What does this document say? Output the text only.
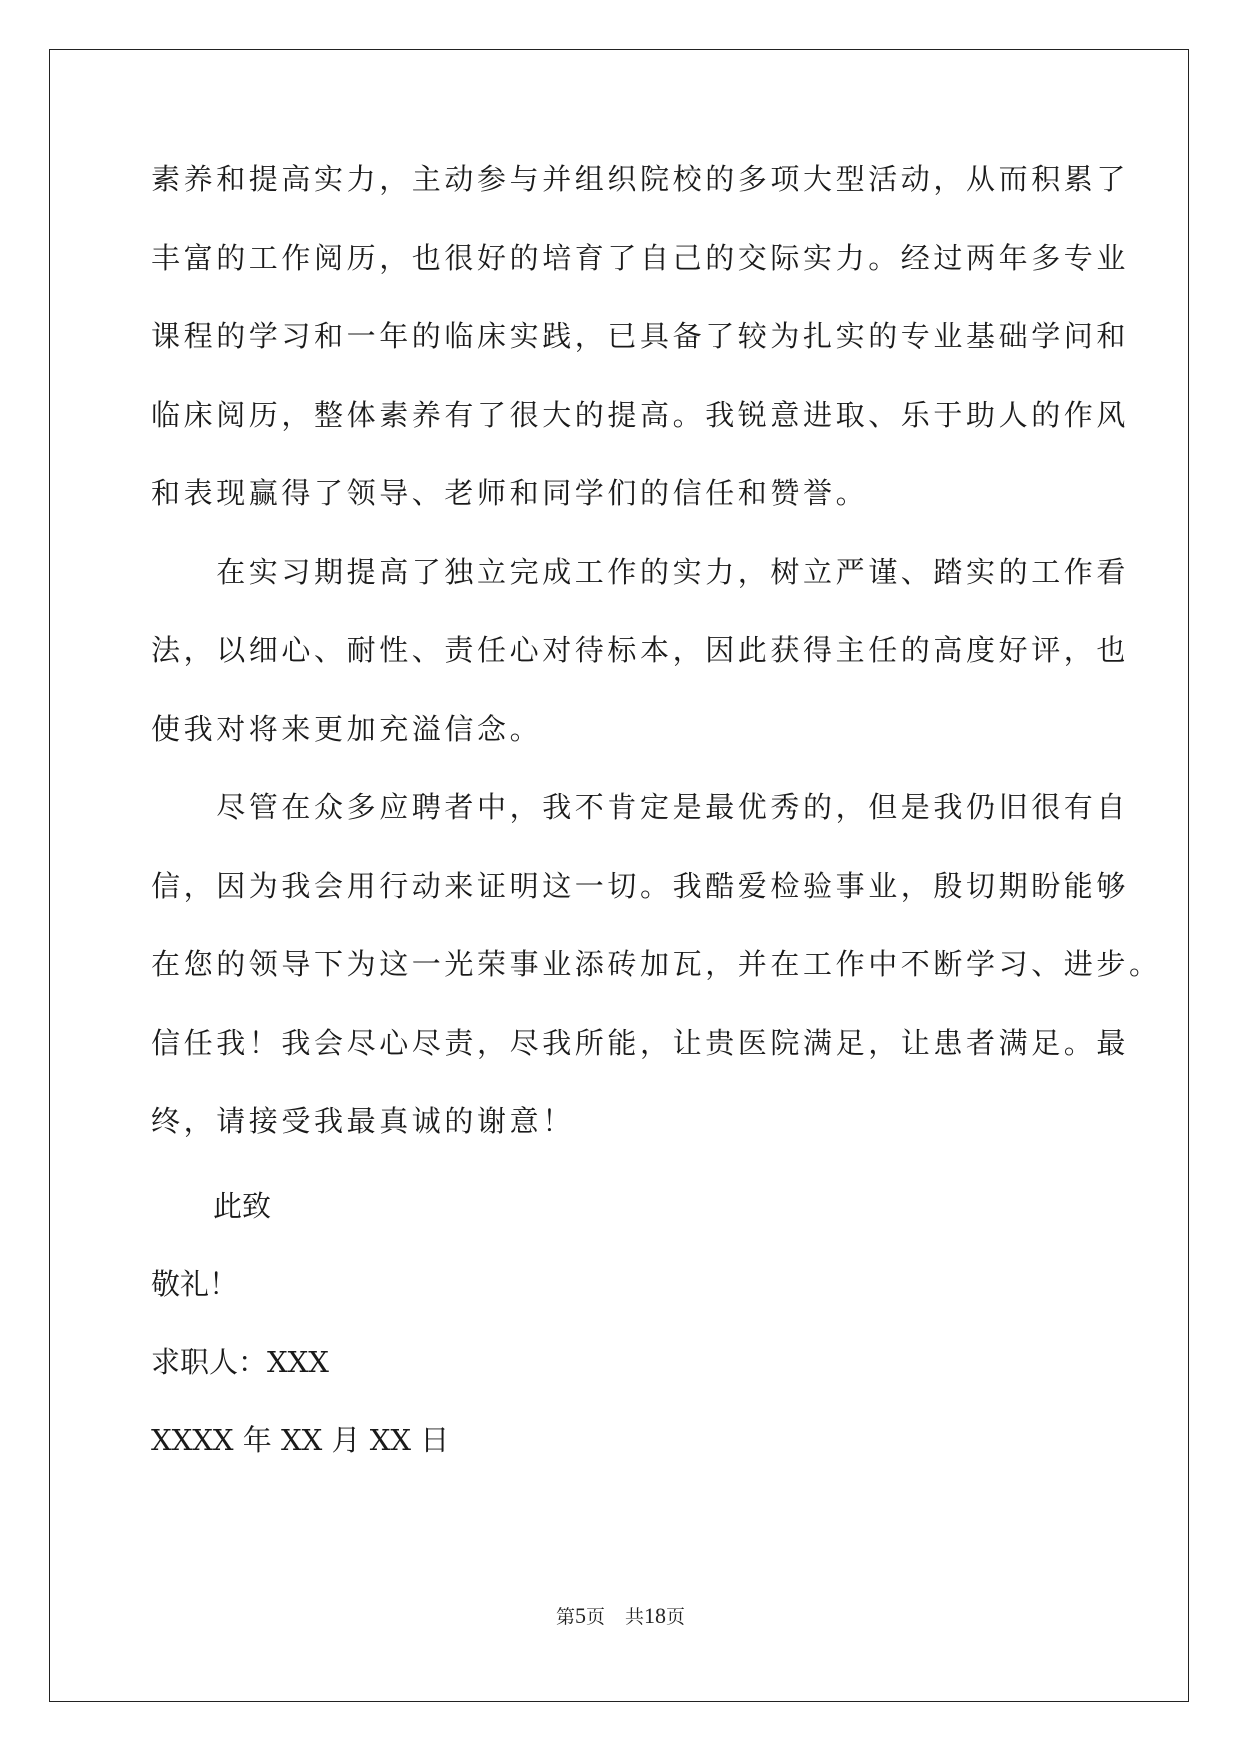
素养和提高实力，主动参与并组织院校的多项大型活动，从而积累了
丰富的工作阅历，也很好的培育了自己的交际实力。经过两年多专业
课程的学习和一年的临床实践，已具备了较为扎实的专业基础学问和
临床阅历，整体素养有了很大的提高。我锐意进取、乐于助人的作风
和表现赢得了领导、老师和同学们的信任和赞誉。
　　在实习期提高了独立完成工作的实力，树立严谨、踏实的工作看
法，以细心、耐性、责任心对待标本，因此获得主任的高度好评，也
使我对将来更加充溢信念。
　　尽管在众多应聘者中，我不肯定是最优秀的，但是我仍旧很有自
信，因为我会用行动来证明这一切。我酷爱检验事业，殷切期盼能够
在您的领导下为这一光荣事业添砖加瓦，并在工作中不断学习、进步。
信任我！我会尽心尽责，尽我所能，让贵医院满足，让患者满足。最
终，请接受我最真诚的谢意！
此致
敬礼！
求职人：XXX
XXXX 年 XX 月 XX 日
第5页 共18页
